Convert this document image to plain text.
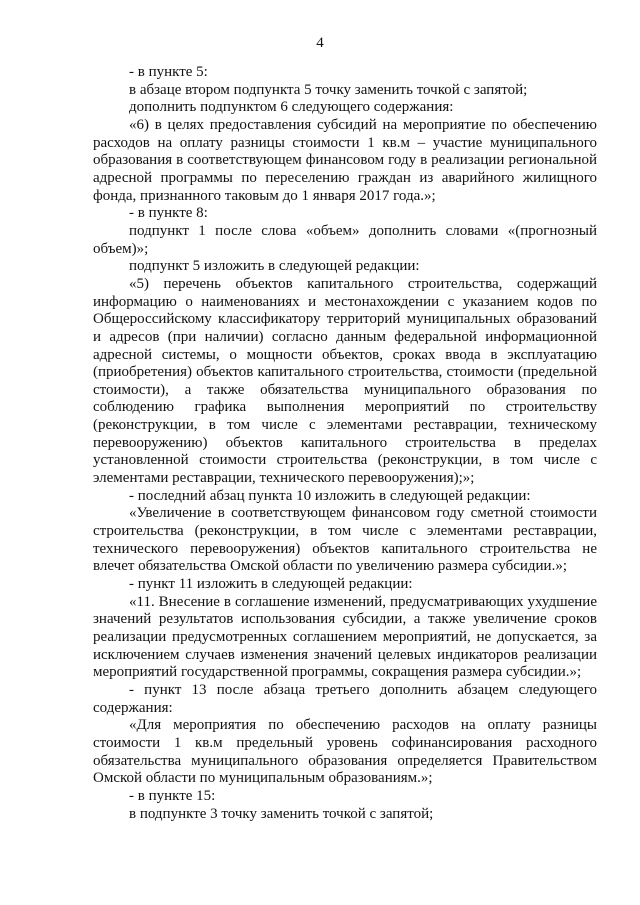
4

- в пункте 5:

в абзаце втором подпункта 5 точку заменить точкой с запятой;

дополнить подпунктом 6 следующего содержания:

«6) в целях предоставления субсидий на мероприятие по обеспечению расходов на оплату разницы стоимости 1 кв.м – участие муниципального образования в соответствующем финансовом году в реализации региональной адресной программы по переселению граждан из аварийного жилищного фонда, признанного таковым до 1 января 2017 года.»;

- в пункте 8:

подпункт 1 после слова «объем» дополнить словами «(прогнозный объем)»;

подпункт 5 изложить в следующей редакции:

«5) перечень объектов капитального строительства, содержащий информацию о наименованиях и местонахождении с указанием кодов по Общероссийскому классификатору территорий муниципальных образований и адресов (при наличии) согласно данным федеральной информационной адресной системы, о мощности объектов, сроках ввода в эксплуатацию (приобретения) объектов капитального строительства, стоимости (предельной стоимости), а также обязательства муниципального образования по соблюдению графика выполнения мероприятий по строительству (реконструкции, в том числе с элементами реставрации, техническому перевооружению) объектов капитального строительства в пределах установленной стоимости строительства (реконструкции, в том числе с элементами реставрации, технического перевооружения);»;

- последний абзац пункта 10 изложить в следующей редакции:

«Увеличение в соответствующем финансовом году сметной стоимости строительства (реконструкции, в том числе с элементами реставрации, технического перевооружения) объектов капитального строительства не влечет обязательства Омской области по увеличению размера субсидии.»;

- пункт 11 изложить в следующей редакции:

«11. Внесение в соглашение изменений, предусматривающих ухудшение значений результатов использования субсидии, а также увеличение сроков реализации предусмотренных соглашением мероприятий, не допускается, за исключением случаев изменения значений целевых индикаторов реализации мероприятий государственной программы, сокращения размера субсидии.»;

- пункт 13 после абзаца третьего дополнить абзацем следующего содержания:

«Для мероприятия по обеспечению расходов на оплату разницы стоимости 1 кв.м предельный уровень софинансирования расходного обязательства муниципального образования определяется Правительством Омской области по муниципальным образованиям.»;

- в пункте 15:

в подпункте 3 точку заменить точкой с запятой;
